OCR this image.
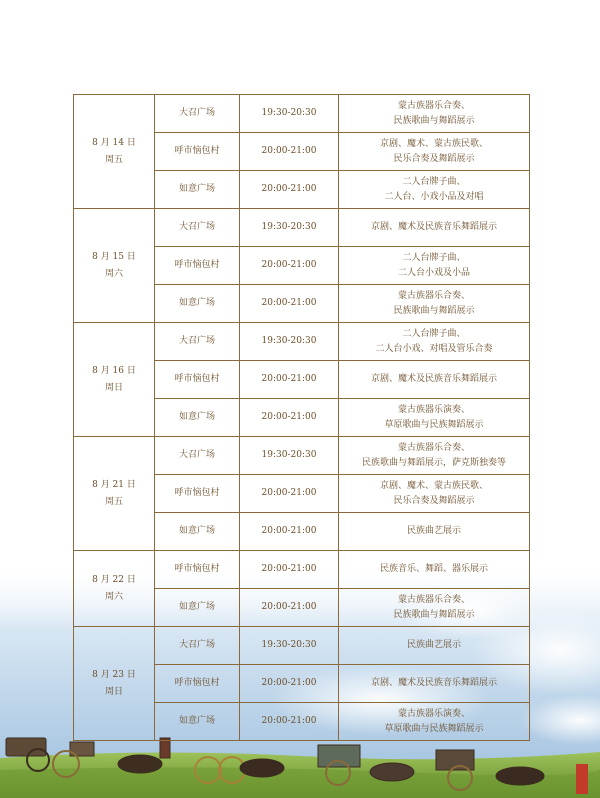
8 月 14 日
周五	大召广场	19:30-20:30	蒙古族器乐合奏、
民族歌曲与舞蹈展示

	呼市恼包村	20:00-21:00	京剧、魔术、蒙古族民歌、
民乐合奏及舞蹈展示

	如意广场	20:00-21:00	二人台牌子曲、
二人台、小戏小品及对唱

8 月 15 日
周六	大召广场	19:30-20:30	京剧、魔术及民族音乐舞蹈展示

	呼市恼包村	20:00-21:00	二人台牌子曲、
二人台小戏及小品

	如意广场	20:00-21:00	蒙古族器乐合奏、
民族歌曲与舞蹈展示

8 月 16 日
周日	大召广场	19:30-20:30	二人台牌子曲、
二人台小戏、对唱及管乐合奏

	呼市恼包村	20:00-21:00	京剧、魔术及民族音乐舞蹈展示

	如意广场	20:00-21:00	蒙古族器乐演奏、
草原歌曲与民族舞蹈展示

8 月 21 日
周五	大召广场	19:30-20:30	蒙古族器乐合奏、
民族歌曲与舞蹈展示，萨克斯独奏等

	呼市恼包村	20:00-21:00	京剧、魔术、蒙古族民歌、
民乐合奏及舞蹈展示

	如意广场	20:00-21:00	民族曲艺展示

8 月 22 日
周六	呼市恼包村	20:00-21:00	民族音乐、舞蹈、器乐展示

	如意广场	20:00-21:00	蒙古族器乐合奏、
民族歌曲与舞蹈展示

8 月 23 日
周日	大召广场	19:30-20:30	民族曲艺展示

	呼市恼包村	20:00-21:00	京剧、魔术及民族音乐舞蹈展示

	如意广场	20:00-21:00	蒙古族器乐演奏、
草原歌曲与民族舞蹈展示
